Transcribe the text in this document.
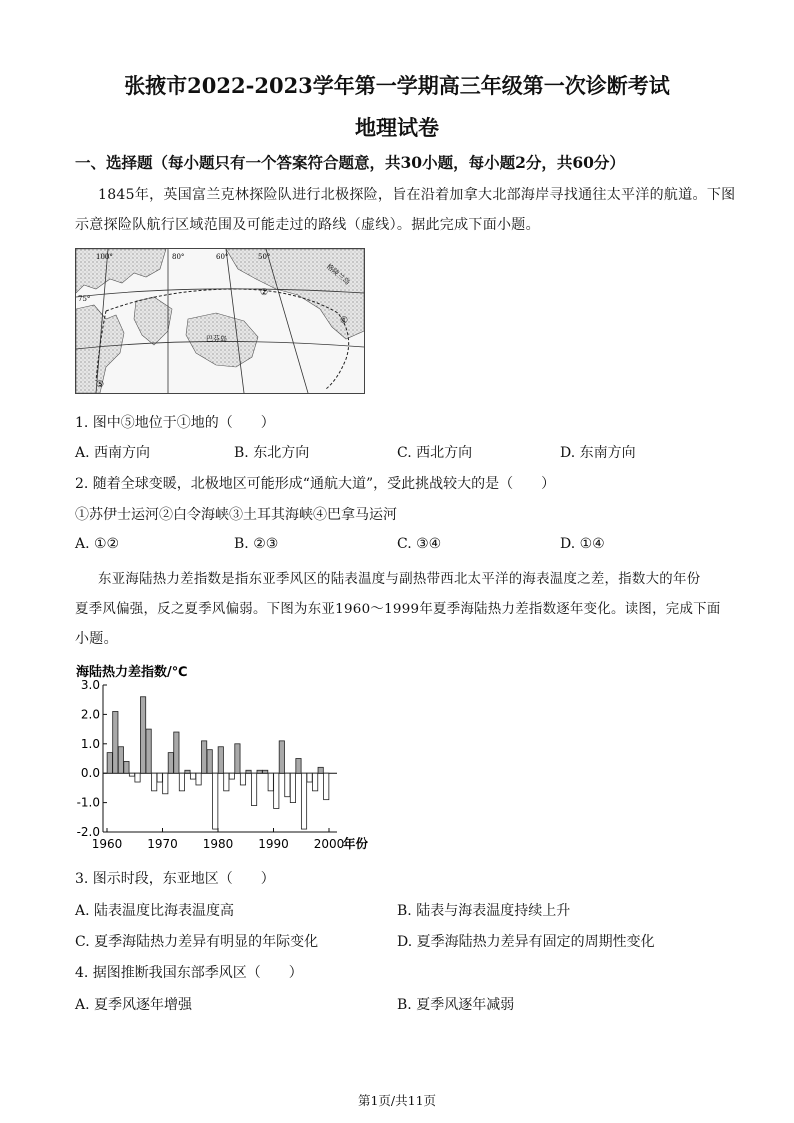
张掖市2022-2023学年第一学期高三年级第一次诊断考试
地理试卷
一、选择题（每小题只有一个答案符合题意，共30小题，每小题2分，共60分）
1845年，英国富兰克林探险队进行北极探险，旨在沿着加拿大北部海岸寻找通往太平洋的航道。下图
示意探险队航行区域范围及可能走过的路线（虚线）。据此完成下面小题。
100°	80°	60°	50°
75°
格陵兰岛
巴芬岛
①
②
⑤
1. 图中⑤地位于①地的（　　）
A. 西南方向	B. 东北方向	C. 西北方向	D. 东南方向
2. 随着全球变暖，北极地区可能形成“通航大道”，受此挑战较大的是（　　）
①苏伊士运河②白令海峡③土耳其海峡④巴拿马运河
A. ①②	B. ②③	C. ③④	D. ①④
东亚海陆热力差指数是指东亚季风区的陆表温度与副热带西北太平洋的海表温度之差，指数大的年份
夏季风偏强，反之夏季风偏弱。下图为东亚1960～1999年夏季海陆热力差指数逐年变化。读图，完成下面
小题。
海陆热力差指数/℃
3.0
2.0
1.0
0.0
-1.0
-2.0
1960 1970 1980 1990 2000
年份
3. 图示时段，东亚地区（　　）
A. 陆表温度比海表温度高	B. 陆表与海表温度持续上升
C. 夏季海陆热力差异有明显的年际变化	D. 夏季海陆热力差异有固定的周期性变化
4. 据图推断我国东部季风区（　　）
A. 夏季风逐年增强	B. 夏季风逐年减弱
第1页/共11页
